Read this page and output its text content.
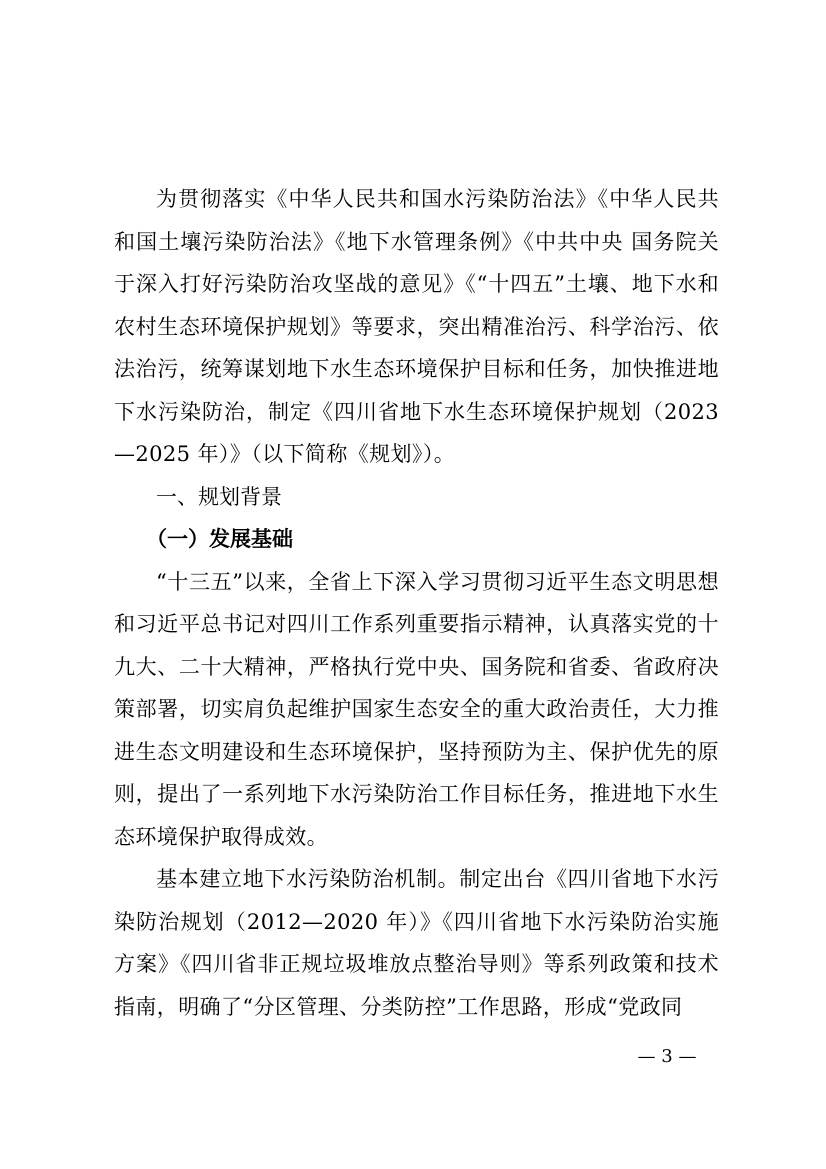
为贯彻落实《中华人民共和国水污染防治法》《中华人民共和国土壤污染防治法》《地下水管理条例》《中共中央 国务院关于深入打好污染防治攻坚战的意见》《“十四五”土壤、地下水和农村生态环境保护规划》等要求，突出精准治污、科学治污、依法治污，统筹谋划地下水生态环境保护目标和任务，加快推进地下水污染防治，制定《四川省地下水生态环境保护规划（2023—2025 年）》（以下简称《规划》）。

一、规划背景
（一）发展基础

“十三五”以来，全省上下深入学习贯彻习近平生态文明思想和习近平总书记对四川工作系列重要指示精神，认真落实党的十九大、二十大精神，严格执行党中央、国务院和省委、省政府决策部署，切实肩负起维护国家生态安全的重大政治责任，大力推进生态文明建设和生态环境保护，坚持预防为主、保护优先的原则，提出了一系列地下水污染防治工作目标任务，推进地下水生态环境保护取得成效。

基本建立地下水污染防治机制。制定出台《四川省地下水污染防治规划（2012—2020 年）》《四川省地下水污染防治实施方案》《四川省非正规垃圾堆放点整治导则》等系列政策和技术指南，明确了“分区管理、分类防控”工作思路，形成“党政同

— 3 —
